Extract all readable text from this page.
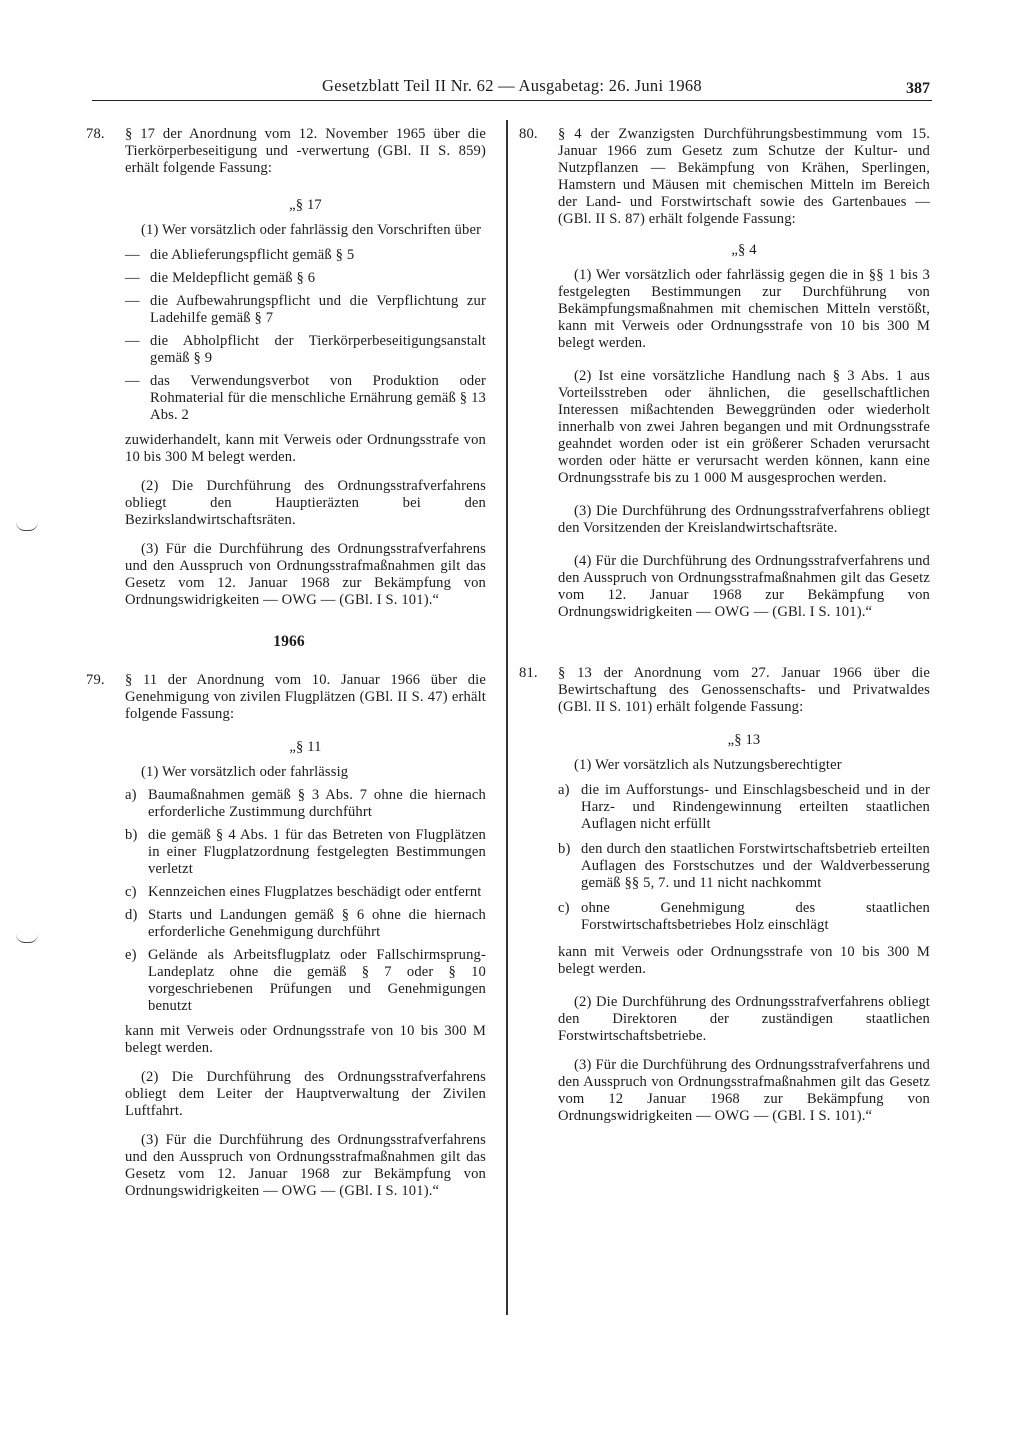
Gesetzblatt Teil II Nr. 62 — Ausgabetag: 26. Juni 1968	387
78. § 17 der Anordnung vom 12. November 1965 über die Tierkörperbeseitigung und -verwertung (GBl. II S. 859) erhält folgende Fassung:
„§ 17
(1) Wer vorsätzlich oder fahrlässig den Vorschriften über
— die Ablieferungspflicht gemäß § 5
— die Meldepflicht gemäß § 6
— die Aufbewahrungspflicht und die Verpflichtung zur Ladehilfe gemäß § 7
— die Abholpflicht der Tierkörperbeseitigungsanstalt gemäß § 9
— das Verwendungsverbot von Produktion oder Rohmaterial für die menschliche Ernährung gemäß § 13 Abs. 2
zuwiderhandelt, kann mit Verweis oder Ordnungsstrafe von 10 bis 300 M belegt werden.
(2) Die Durchführung des Ordnungsstrafverfahrens obliegt den Hauptieräzten bei den Bezirkslandwirtschaftsräten.
(3) Für die Durchführung des Ordnungsstrafverfahrens und den Ausspruch von Ordnungsstrafmaßnahmen gilt das Gesetz vom 12. Januar 1968 zur Bekämpfung von Ordnungswidrigkeiten — OWG — (GBl. I S. 101).“
1966
79. § 11 der Anordnung vom 10. Januar 1966 über die Genehmigung von zivilen Flugplätzen (GBl. II S. 47) erhält folgende Fassung:
„§ 11
(1) Wer vorsätzlich oder fahrlässig
a) Baumaßnahmen gemäß § 3 Abs. 7 ohne die hiernach erforderliche Zustimmung durchführt
b) die gemäß § 4 Abs. 1 für das Betreten von Flugplätzen in einer Flugplatzordnung festgelegten Bestimmungen verletzt
c) Kennzeichen eines Flugplatzes beschädigt oder entfernt
d) Starts und Landungen gemäß § 6 ohne die hiernach erforderliche Genehmigung durchführt
e) Gelände als Arbeitsflugplatz oder Fallschirmsprung-Landeplatz ohne die gemäß § 7 oder § 10 vorgeschriebenen Prüfungen und Genehmigungen benutzt
kann mit Verweis oder Ordnungsstrafe von 10 bis 300 M belegt werden.
(2) Die Durchführung des Ordnungsstrafverfahrens obliegt dem Leiter der Hauptverwaltung der Zivilen Luftfahrt.
(3) Für die Durchführung des Ordnungsstrafverfahrens und den Ausspruch von Ordnungsstrafmaßnahmen gilt das Gesetz vom 12. Januar 1968 zur Bekämpfung von Ordnungswidrigkeiten — OWG — (GBl. I S. 101).“
80. § 4 der Zwanzigsten Durchführungsbestimmung vom 15. Januar 1966 zum Gesetz zum Schutze der Kultur- und Nutzpflanzen — Bekämpfung von Krähen, Sperlingen, Hamstern und Mäusen mit chemischen Mitteln im Bereich der Land- und Forstwirtschaft sowie des Gartenbaues — (GBl. II S. 87) erhält folgende Fassung:
„§ 4
(1) Wer vorsätzlich oder fahrlässig gegen die in §§ 1 bis 3 festgelegten Bestimmungen zur Durchführung von Bekämpfungsmaßnahmen mit chemischen Mitteln verstößt, kann mit Verweis oder Ordnungsstrafe von 10 bis 300 M belegt werden.
(2) Ist eine vorsätzliche Handlung nach § 3 Abs. 1 aus Vorteilsstreben oder ähnlichen, die gesellschaftlichen Interessen mißachtenden Beweggründen oder wiederholt innerhalb von zwei Jahren begangen und mit Ordnungsstrafe geahndet worden oder ist ein größerer Schaden verursacht worden oder hätte er verursacht werden können, kann eine Ordnungsstrafe bis zu 1 000 M ausgesprochen werden.
(3) Die Durchführung des Ordnungsstrafverfahrens obliegt den Vorsitzenden der Kreislandwirtschaftsräte.
(4) Für die Durchführung des Ordnungsstrafverfahrens und den Ausspruch von Ordnungsstrafmaßnahmen gilt das Gesetz vom 12. Januar 1968 zur Bekämpfung von Ordnungswidrigkeiten — OWG — (GBl. I S. 101).“
81. § 13 der Anordnung vom 27. Januar 1966 über die Bewirtschaftung des Genossenschafts- und Privatwaldes (GBl. II S. 101) erhält folgende Fassung:
„§ 13
(1) Wer vorsätzlich als Nutzungsberechtigter
a) die im Aufforstungs- und Einschlagsbescheid und in der Harz- und Rindengewinnung erteilten staatlichen Auflagen nicht erfüllt
b) den durch den staatlichen Forstwirtschaftsbetrieb erteilten Auflagen des Forstschutzes und der Waldverbesserung gemäß §§ 5, 7. und 11 nicht nachkommt
c) ohne Genehmigung des staatlichen Forstwirtschaftsbetriebes Holz einschlägt
kann mit Verweis oder Ordnungsstrafe von 10 bis 300 M belegt werden.
(2) Die Durchführung des Ordnungsstrafverfahrens obliegt den Direktoren der zuständigen staatlichen Forstwirtschaftsbetriebe.
(3) Für die Durchführung des Ordnungsstrafverfahrens und den Ausspruch von Ordnungsstrafmaßnahmen gilt das Gesetz vom 12 Januar 1968 zur Bekämpfung von Ordnungswidrigkeiten — OWG — (GBl. I S. 101).“
